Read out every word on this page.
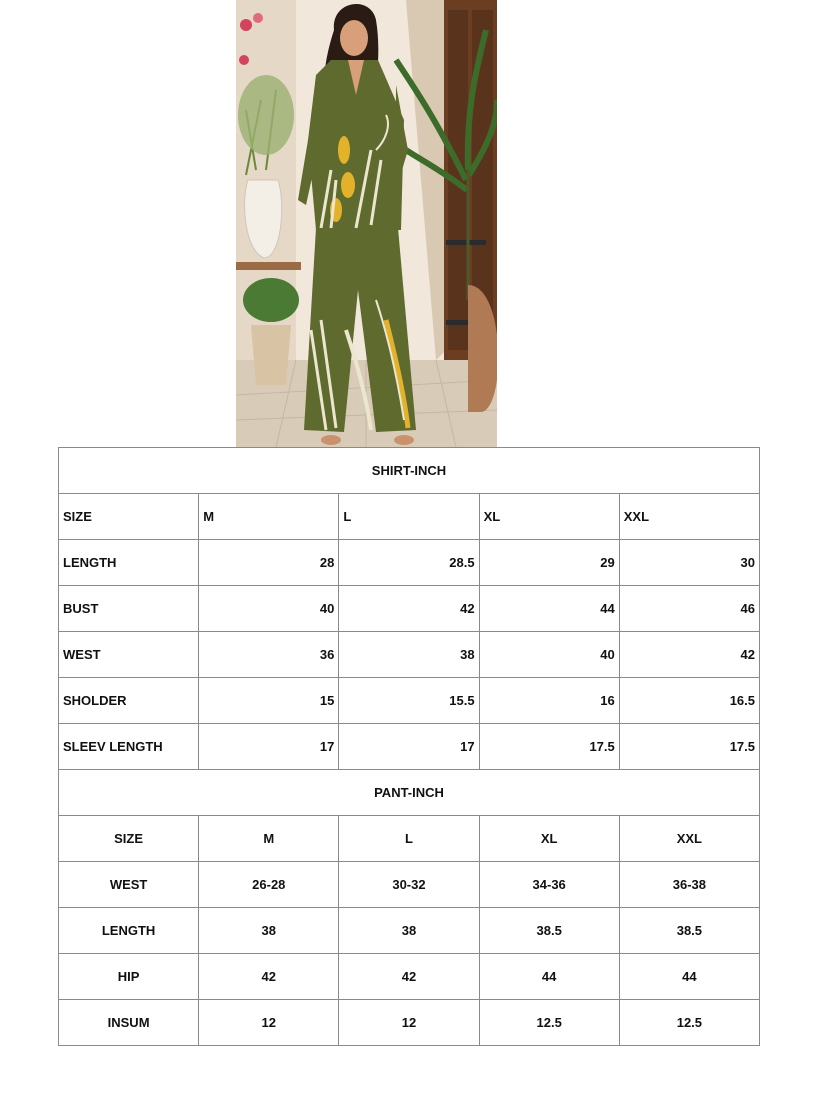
SHIRT-INCH				
SIZE	M	L	XL	XXL
LENGTH	28	28.5	29	30
BUST	40	42	44	46
WEST	36	38	40	42
SHOLDER	15	15.5	16	16.5
SLEEV LENGTH	17	17	17.5	17.5
PANT-INCH				
SIZE	M	L	XL	XXL
WEST	26-28	30-32	34-36	36-38
LENGTH	38	38	38.5	38.5
HIP	42	42	44	44
INSUM	12	12	12.5	12.5
